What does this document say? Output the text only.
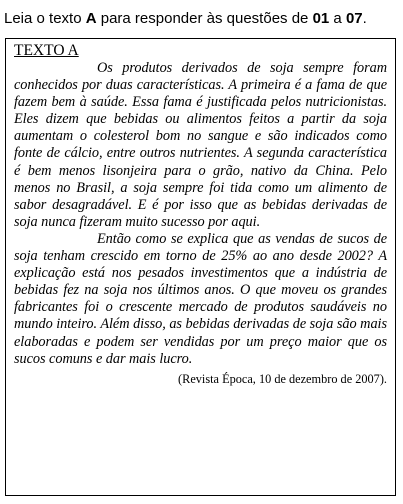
Leia o texto A para responder às questões de 01 a 07.

TEXTO A

Os produtos derivados de soja sempre foram conhecidos por duas características. A primeira é a fama de que fazem bem à saúde. Essa fama é justificada pelos nutricionistas. Eles dizem que bebidas ou alimentos feitos a partir da soja aumentam o colesterol bom no sangue e são indicados como fonte de cálcio, entre outros nutrientes. A segunda característica é bem menos lisonjeira para o grão, nativo da China. Pelo menos no Brasil, a soja sempre foi tida como um alimento de sabor desagradável. E é por isso que as bebidas derivadas de soja nunca fizeram muito sucesso por aqui.

Então como se explica que as vendas de sucos de soja tenham crescido em torno de 25% ao ano desde 2002? A explicação está nos pesados investimentos que a indústria de bebidas fez na soja nos últimos anos. O que moveu os grandes fabricantes foi o crescente mercado de produtos saudáveis no mundo inteiro. Além disso, as bebidas derivadas de soja são mais elaboradas e podem ser vendidas por um preço maior que os sucos comuns e dar mais lucro.

(Revista Época, 10 de dezembro de 2007).
